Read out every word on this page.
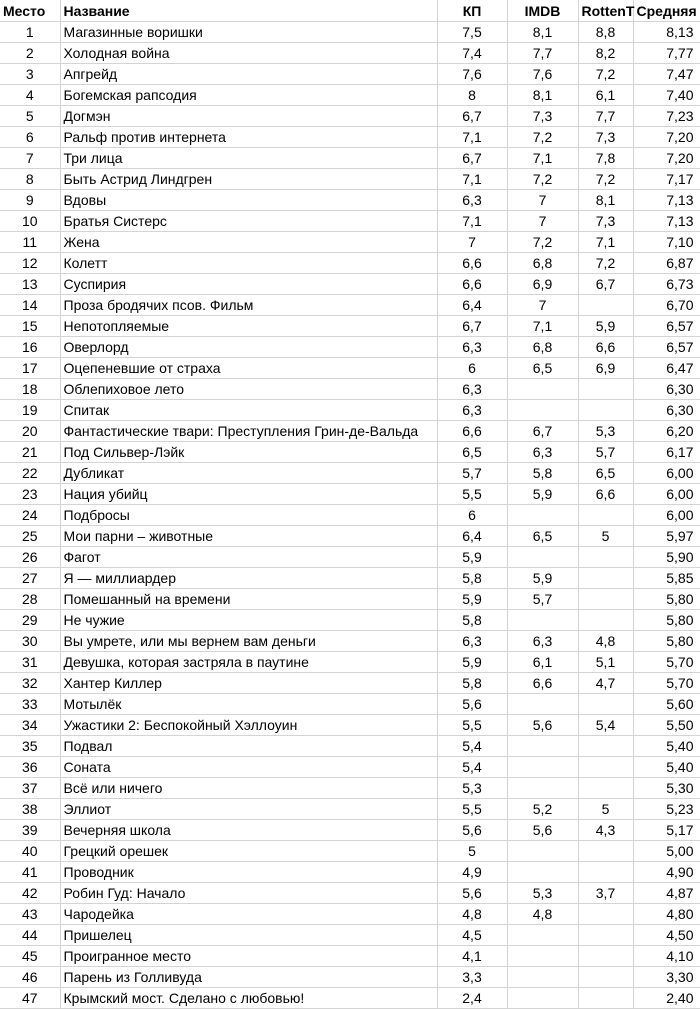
Место	Название	КП	IMDB	RottenT	Средняя
1	Магазинные воришки	7,5	8,1	8,8	8,13
2	Холодная война	7,4	7,7	8,2	7,77
3	Апгрейд	7,6	7,6	7,2	7,47
4	Богемская рапсодия	8	8,1	6,1	7,40
5	Догмэн	6,7	7,3	7,7	7,23
6	Ральф против интернета	7,1	7,2	7,3	7,20
7	Три лица	6,7	7,1	7,8	7,20
8	Быть Астрид Линдгрен	7,1	7,2	7,2	7,17
9	Вдовы	6,3	7	8,1	7,13
10	Братья Систерс	7,1	7	7,3	7,13
11	Жена	7	7,2	7,1	7,10
12	Колетт	6,6	6,8	7,2	6,87
13	Суспирия	6,6	6,9	6,7	6,73
14	Проза бродячих псов. Фильм	6,4	7		6,70
15	Непотопляемые	6,7	7,1	5,9	6,57
16	Оверлорд	6,3	6,8	6,6	6,57
17	Оцепеневшие от страха	6	6,5	6,9	6,47
18	Облепиховое лето	6,3			6,30
19	Спитак	6,3			6,30
20	Фантастические твари: Преступления Грин-де-Вальда	6,6	6,7	5,3	6,20
21	Под Сильвер-Лэйк	6,5	6,3	5,7	6,17
22	Дубликат	5,7	5,8	6,5	6,00
23	Нация убийц	5,5	5,9	6,6	6,00
24	Подбросы	6			6,00
25	Мои парни – животные	6,4	6,5	5	5,97
26	Фагот	5,9			5,90
27	Я — миллиардер	5,8	5,9		5,85
28	Помешанный на времени	5,9	5,7		5,80
29	Не чужие	5,8			5,80
30	Вы умрете, или мы вернем вам деньги	6,3	6,3	4,8	5,80
31	Девушка, которая застряла в паутине	5,9	6,1	5,1	5,70
32	Хантер Киллер	5,8	6,6	4,7	5,70
33	Мотылёк	5,6			5,60
34	Ужастики 2: Беспокойный Хэллоуин	5,5	5,6	5,4	5,50
35	Подвал	5,4			5,40
36	Соната	5,4			5,40
37	Всё или ничего	5,3			5,30
38	Эллиот	5,5	5,2	5	5,23
39	Вечерняя школа	5,6	5,6	4,3	5,17
40	Грецкий орешек	5			5,00
41	Проводник	4,9			4,90
42	Робин Гуд: Начало	5,6	5,3	3,7	4,87
43	Чародейка	4,8	4,8		4,80
44	Пришелец	4,5			4,50
45	Проигранное место	4,1			4,10
46	Парень из Голливуда	3,3			3,30
47	Крымский мост. Сделано с любовью!	2,4			2,40
